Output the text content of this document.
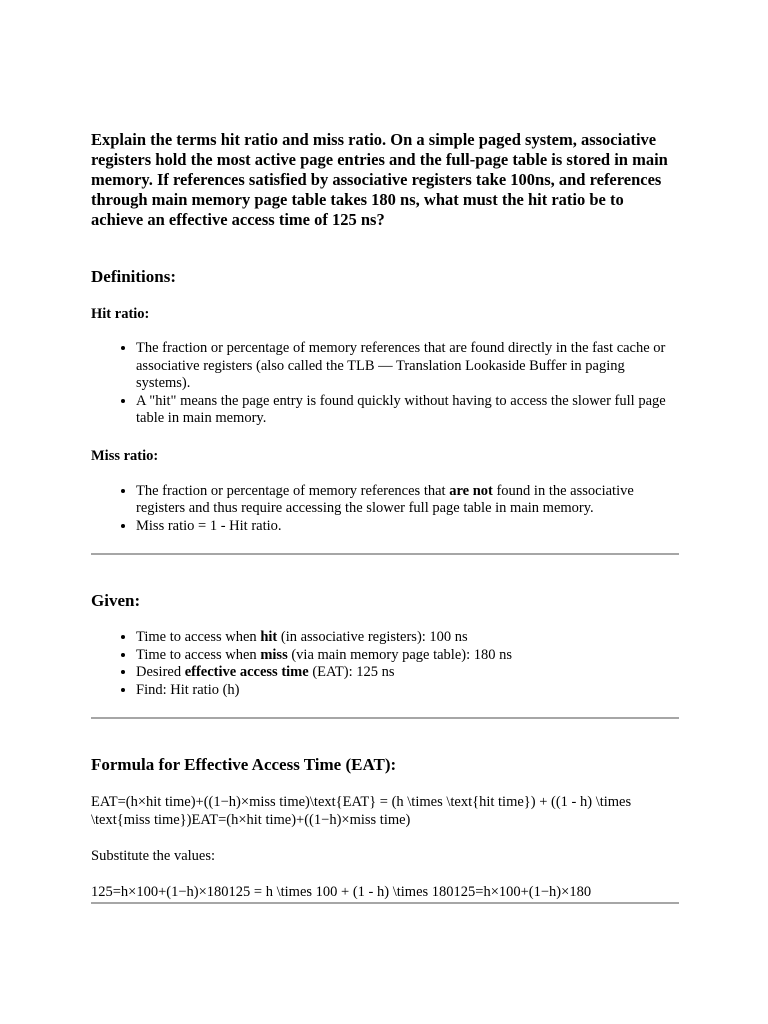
Explain the terms hit ratio and miss ratio. On a simple paged system, associative registers hold the most active page entries and the full-page table is stored in main memory. If references satisfied by associative registers take 100ns, and references through main memory page table takes 180 ns, what must the hit ratio be to achieve an effective access time of 125 ns?

Definitions:
Hit ratio:
• The fraction or percentage of memory references that are found directly in the fast cache or associative registers (also called the TLB — Translation Lookaside Buffer in paging systems).
• A "hit" means the page entry is found quickly without having to access the slower full page table in main memory.
Miss ratio:
• The fraction or percentage of memory references that are not found in the associative registers and thus require accessing the slower full page table in main memory.
• Miss ratio = 1 - Hit ratio.
Given:
• Time to access when hit (in associative registers): 100 ns
• Time to access when miss (via main memory page table): 180 ns
• Desired effective access time (EAT): 125 ns
• Find: Hit ratio (h)
Formula for Effective Access Time (EAT):

EAT=(h×hit time)+((1−h)×miss time)\text{EAT} = (h \times \text{hit time}) + ((1 - h) \times \text{miss time})EAT=(h×hit time)+((1−h)×miss time)

Substitute the values:

125=h×100+(1−h)×180125 = h \times 100 + (1 - h) \times 180125=h×100+(1−h)×180
